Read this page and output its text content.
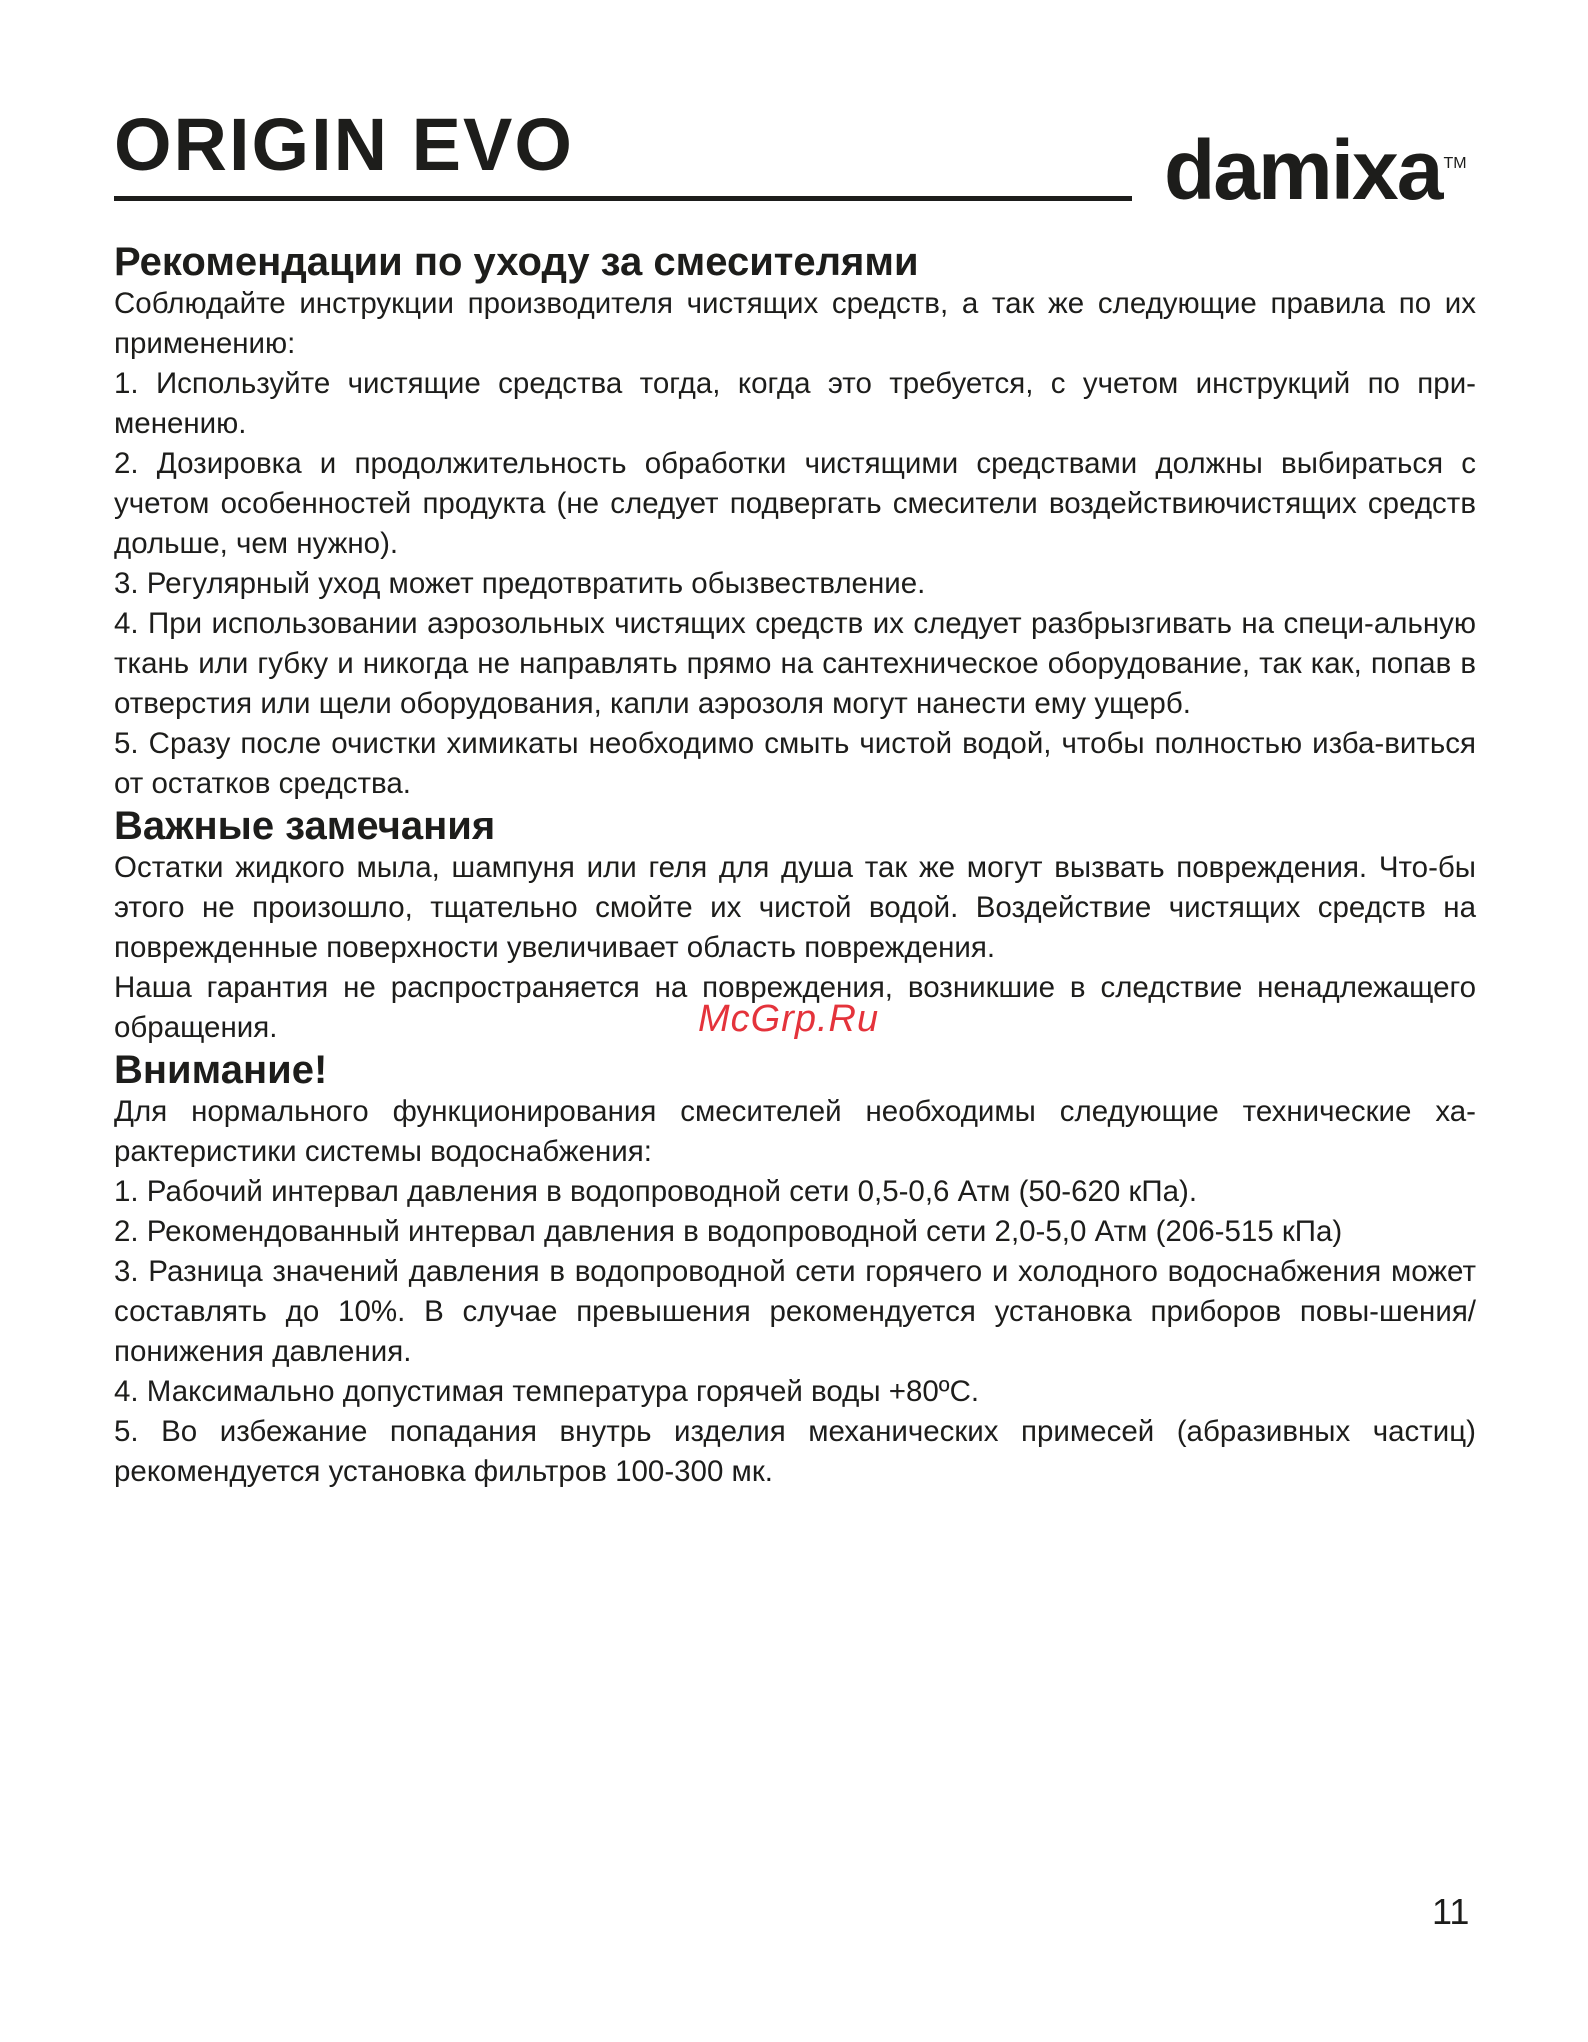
ORIGIN EVO	damixa ™
Рекомендации по уходу за смесителями

Соблюдайте инструкции производителя чистящих средств, а так же следующие правила по их применению:

1. Используйте чистящие средства тогда, когда это требуется, с учетом инструкций по при-менению.

2. Дозировка и продолжительность обработки чистящими средствами должны выбираться с учетом особенностей продукта (не следует подвергать смесители воздействиючистящих средств дольше, чем нужно).

3. Регулярный уход может предотвратить обызвествление.

4. При использовании аэрозольных чистящих средств их следует разбрызгивать на специ-альную ткань или губку и никогда не направлять прямо на сантехническое оборудование, так как, попав в отверстия или щели оборудования, капли аэрозоля могут нанести ему ущерб.

5. Сразу после очистки химикаты необходимо смыть чистой водой, чтобы полностью изба-виться от остатков средства.

Важные замечания

Остатки жидкого мыла, шампуня или геля для душа так же могут вызвать повреждения. Что-бы этого не произошло, тщательно смойте их чистой водой. Воздействие чистящих средств на поврежденные поверхности увеличивает область повреждения.

Наша гарантия не распространяется на повреждения, возникшие в следствие ненадлежащего обращения.

Внимание!

Для нормального функционирования смесителей необходимы следующие технические ха-рактеристики системы водоснабжения:

1. Рабочий интервал давления в водопроводной сети 0,5-0,6 Атм (50-620 кПа).

2. Рекомендованный интервал давления в водопроводной сети 2,0-5,0 Атм (206-515 кПа)

3. Разница значений давления в водопроводной сети горячего и холодного водоснабжения может составлять до 10%. В случае превышения рекомендуется установка приборов повы-шения/понижения давления.

4. Максимально допустимая температура горячей воды +80ºC.

5. Во избежание попадания внутрь изделия механических примесей (абразивных частиц) рекомендуется установка фильтров 100-300 мк.

McGrp.Ru
11
